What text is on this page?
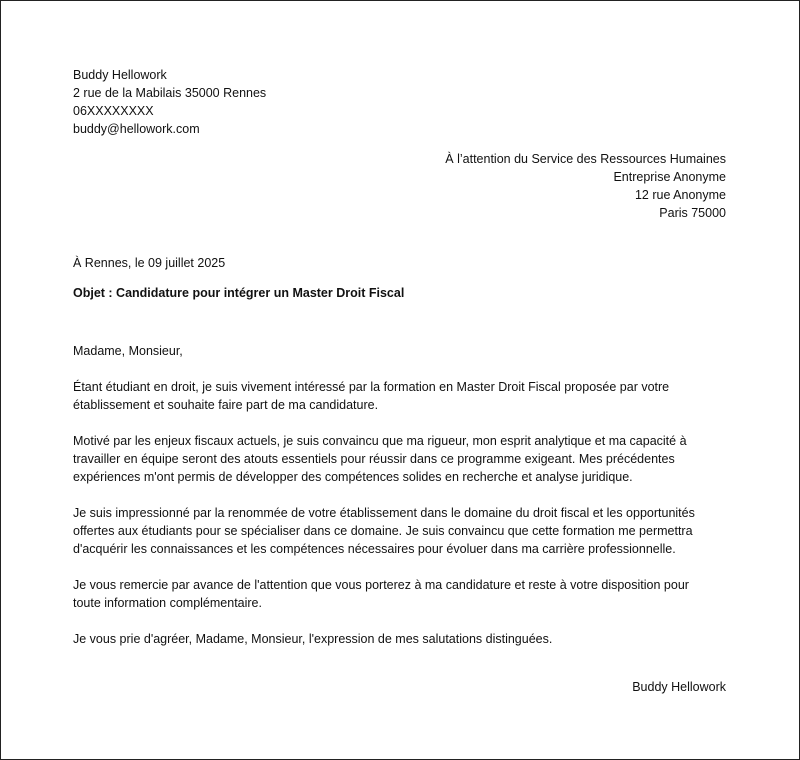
Buddy Hellowork
2 rue de la Mabilais 35000 Rennes
06XXXXXXXX
buddy@hellowork.com
À l’attention du Service des Ressources Humaines
Entreprise Anonyme
12 rue Anonyme
Paris 75000
À Rennes, le 09 juillet 2025
Objet : Candidature pour intégrer un Master Droit Fiscal

Madame, Monsieur,

Étant étudiant en droit, je suis vivement intéressé par la formation en Master Droit Fiscal proposée par votre
établissement et souhaite faire part de ma candidature.

Motivé par les enjeux fiscaux actuels, je suis convaincu que ma rigueur, mon esprit analytique et ma capacité à
travailler en équipe seront des atouts essentiels pour réussir dans ce programme exigeant. Mes précédentes
expériences m'ont permis de développer des compétences solides en recherche et analyse juridique.

Je suis impressionné par la renommée de votre établissement dans le domaine du droit fiscal et les opportunités
offertes aux étudiants pour se spécialiser dans ce domaine. Je suis convaincu que cette formation me permettra
d'acquérir les connaissances et les compétences nécessaires pour évoluer dans ma carrière professionnelle.

Je vous remercie par avance de l'attention que vous porterez à ma candidature et reste à votre disposition pour
toute information complémentaire.

Je vous prie d'agréer, Madame, Monsieur, l'expression de mes salutations distinguées.

Buddy Hellowork
